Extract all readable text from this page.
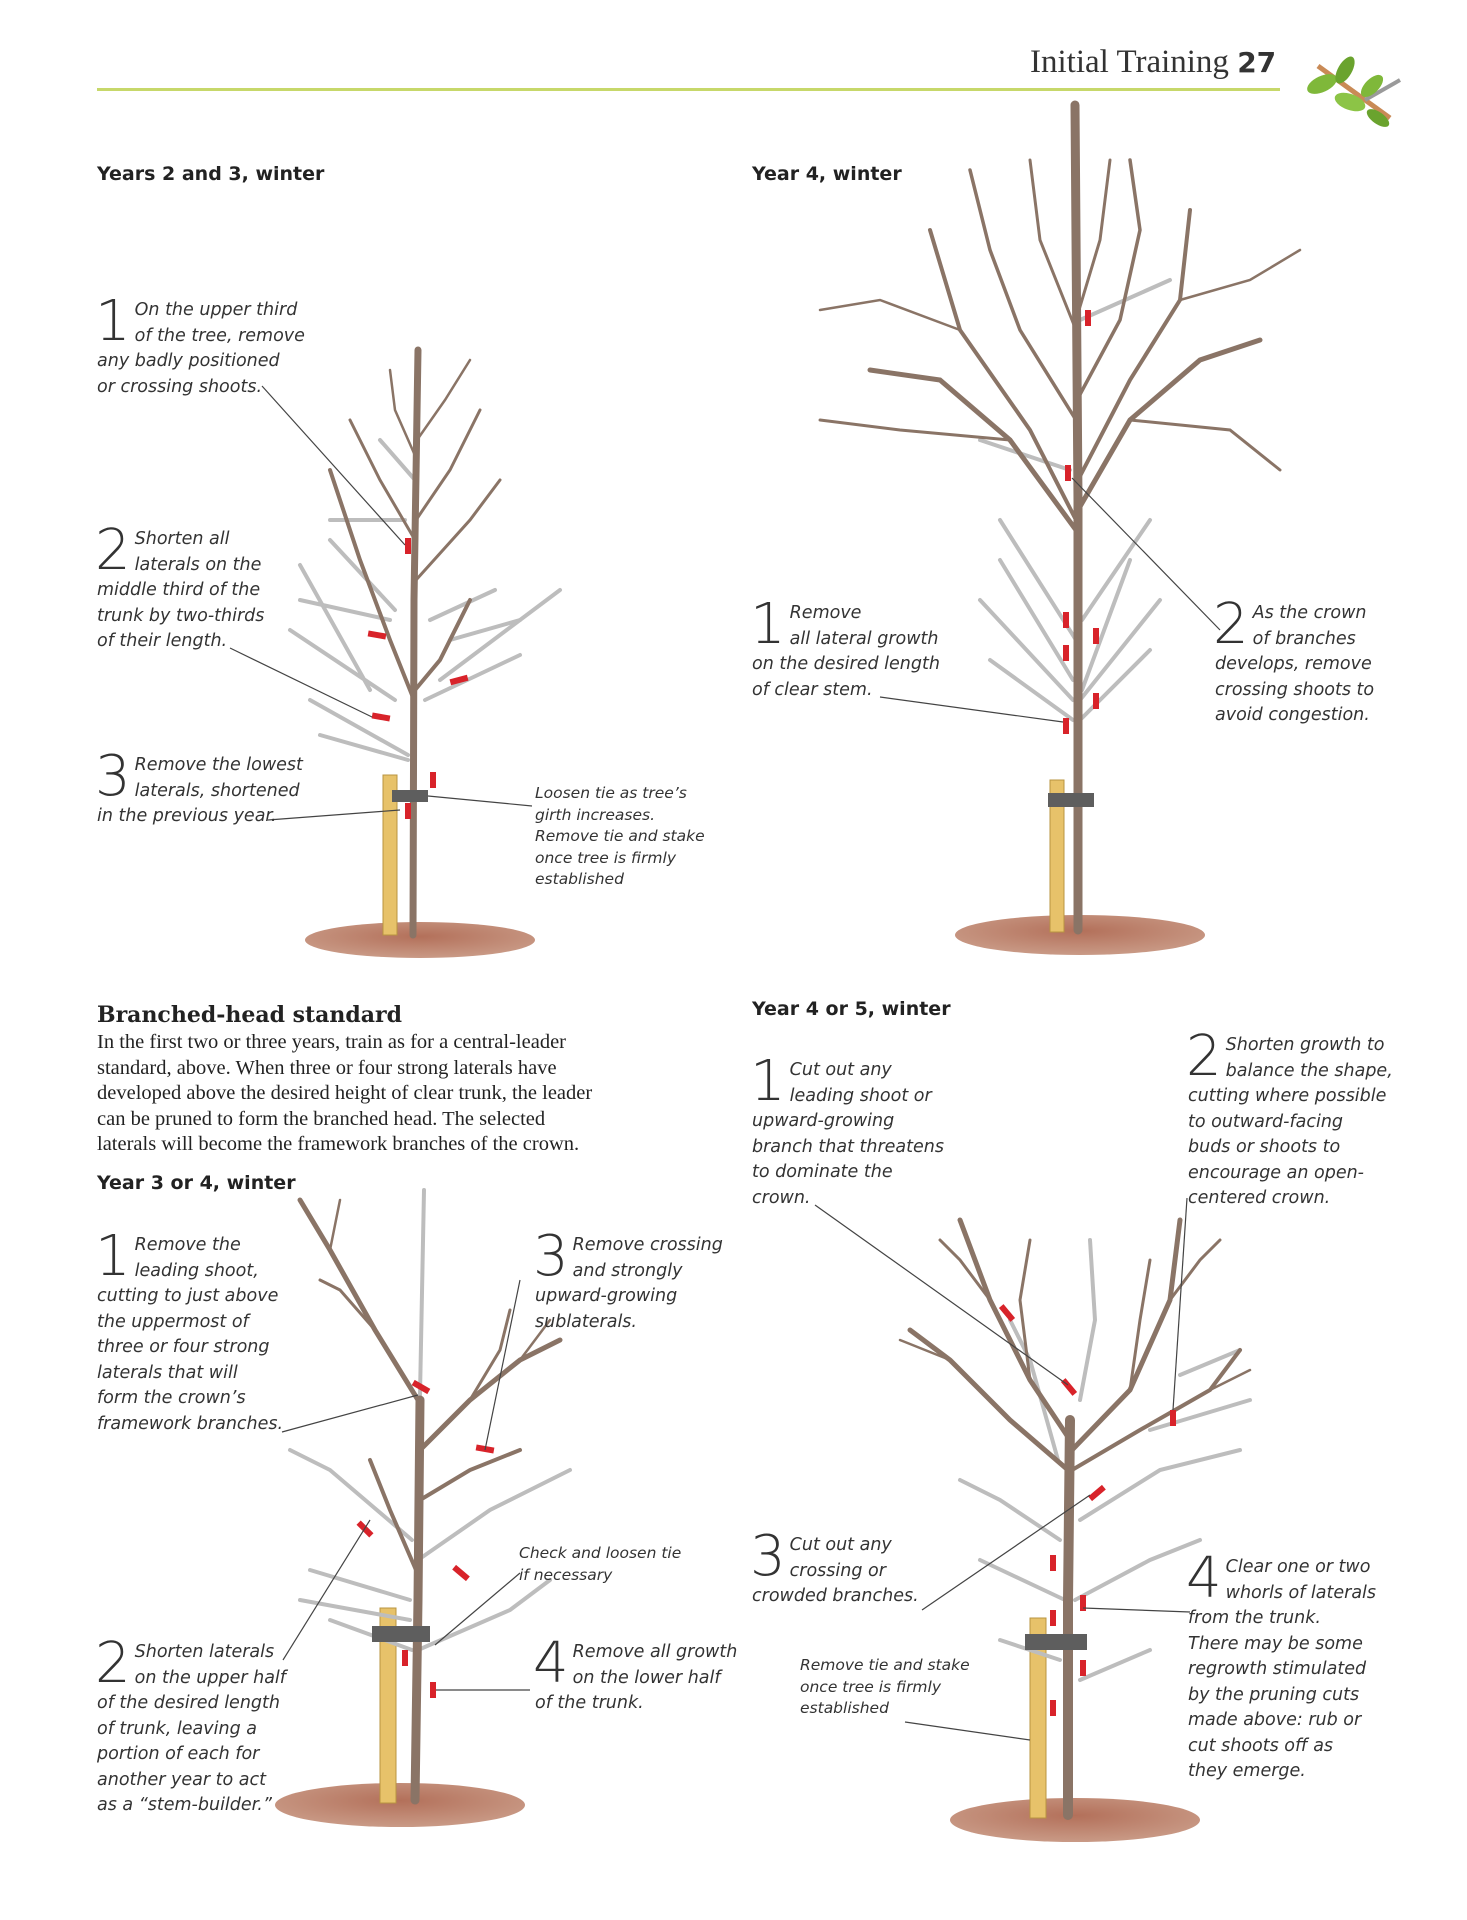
Initial Training 27
Years 2 and 3, winter	Year 4, winter
Year 4 or 5, winter
Year 3 or 4, winter
Branched-head standard
In the first two or three years, train as for a central-leader
standard, above. When three or four strong laterals have
developed above the desired height of clear trunk, the leader
can be pruned to form the branched head. The selected
laterals will become the framework branches of the crown.
1 On the upper third
of the tree, remove
any badly positioned
or crossing shoots.
2 Shorten all
laterals on the
middle third of the
trunk by two-thirds
of their length.
3 Remove the lowest
laterals, shortened
in the previous year.
Loosen tie as tree’s
girth increases.
Remove tie and stake
once tree is firmly
established
1 Remove
all lateral growth
on the desired length
of clear stem.
2 As the crown
of branches
develops, remove
crossing shoots to
avoid congestion.
1 Remove the
leading shoot,
cutting to just above
the uppermost of
three or four strong
laterals that will
form the crown’s
framework branches.
2 Shorten laterals
on the upper half
of the desired length
of trunk, leaving a
portion of each for
another year to act
as a “stem-builder.”
3 Remove crossing
and strongly
upward-growing
sublaterals.
Check and loosen tie
if necessary
4 Remove all growth
on the lower half
of the trunk.
1 Cut out any
leading shoot or
upward-growing
branch that threatens
to dominate the
crown.
2 Shorten growth to
balance the shape,
cutting where possible
to outward-facing
buds or shoots to
encourage an open-
centered crown.
3 Cut out any
crossing or
crowded branches.
Remove tie and stake
once tree is firmly
established
4 Clear one or two
whorls of laterals
from the trunk.
There may be some
regrowth stimulated
by the pruning cuts
made above: rub or
cut shoots off as
they emerge.
